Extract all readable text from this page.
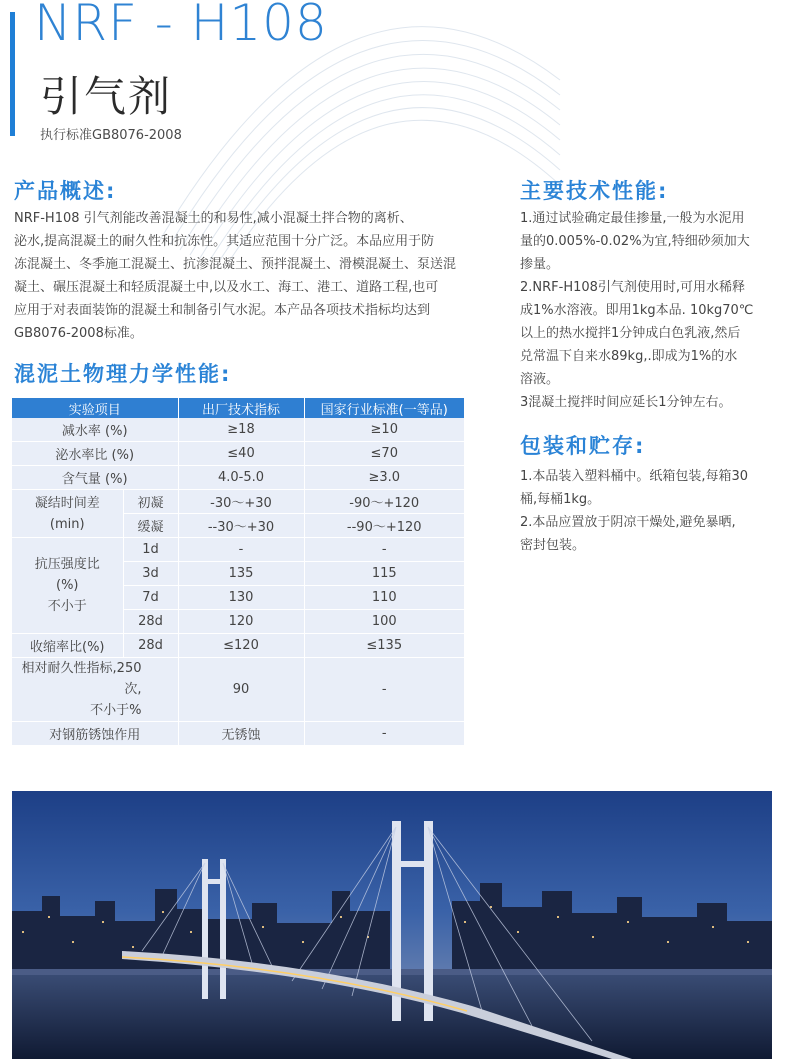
NRF - H108
引气剂
执行标准GB8076-2008
产品概述:
NRF-H108 引气剂能改善混凝土的和易性,减小混凝土拌合物的离析、
泌水,提高混凝土的耐久性和抗冻性。其适应范围十分广泛。本品应用于防
冻混凝土、冬季施工混凝土、抗渗混凝土、预拌混凝土、滑模混凝土、泵送混
凝土、碾压混凝土和轻质混凝土中,以及水工、海工、港工、道路工程,也可
应用于对表面装饰的混凝土和制备引气水泥。本产品各项技术指标均达到
GB8076-2008标准。
混泥土物理力学性能:
实验项目		出厂技术指标	国家行业标准(一等品)
减水率 (%)		≥18	≥10
泌水率比 (%)		≤40	≤70
含气量 (%)		4.0-5.0	≥3.0

凝结时间差
(min)	初凝	-30～+30	-90～+120
	缓凝	--30～+30	--90～+120

抗压强度比
(%)
不小于	1d	-	-
	3d	135	115
	7d	130	110
	28d	120	100
收缩率比(%)	28d	≤120	≤135

相对耐久性指标,250次,
不小于%		90	-
对钢筋锈蚀作用		无锈蚀	-
主要技术性能:
1.通过试验确定最佳掺量,一般为水泥用
量的0.005%-0.02%为宜,特细砂须加大
掺量。
2.NRF-H108引气剂使用时,可用水稀释
成1%水溶液。即用1kg本品. 10kg70℃
以上的热水搅拌1分钟成白色乳液,然后
兑常温下自来水89kg,.即成为1%的水
溶液。
3混凝土搅拌时间应延长1分钟左右。
包装和贮存:
1.本品装入塑料桶中。纸箱包装,每箱30
桶,每桶1kg。
2.本品应置放于阴凉干燥处,避免暴晒,
密封包装。
